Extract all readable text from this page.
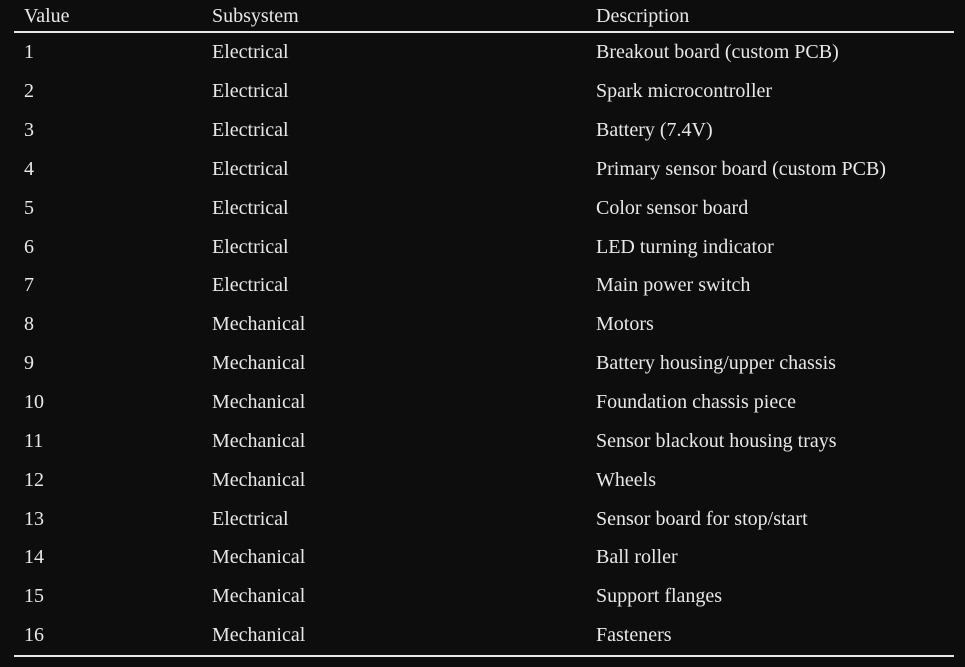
Value	Subsystem	Description
1	Electrical	Breakout board (custom PCB)
2	Electrical	Spark microcontroller
3	Electrical	Battery (7.4V)
4	Electrical	Primary sensor board (custom PCB)
5	Electrical	Color sensor board
6	Electrical	LED turning indicator
7	Electrical	Main power switch
8	Mechanical	Motors
9	Mechanical	Battery housing/upper chassis
10	Mechanical	Foundation chassis piece
11	Mechanical	Sensor blackout housing trays
12	Mechanical	Wheels
13	Electrical	Sensor board for stop/start
14	Mechanical	Ball roller
15	Mechanical	Support flanges
16	Mechanical	Fasteners
